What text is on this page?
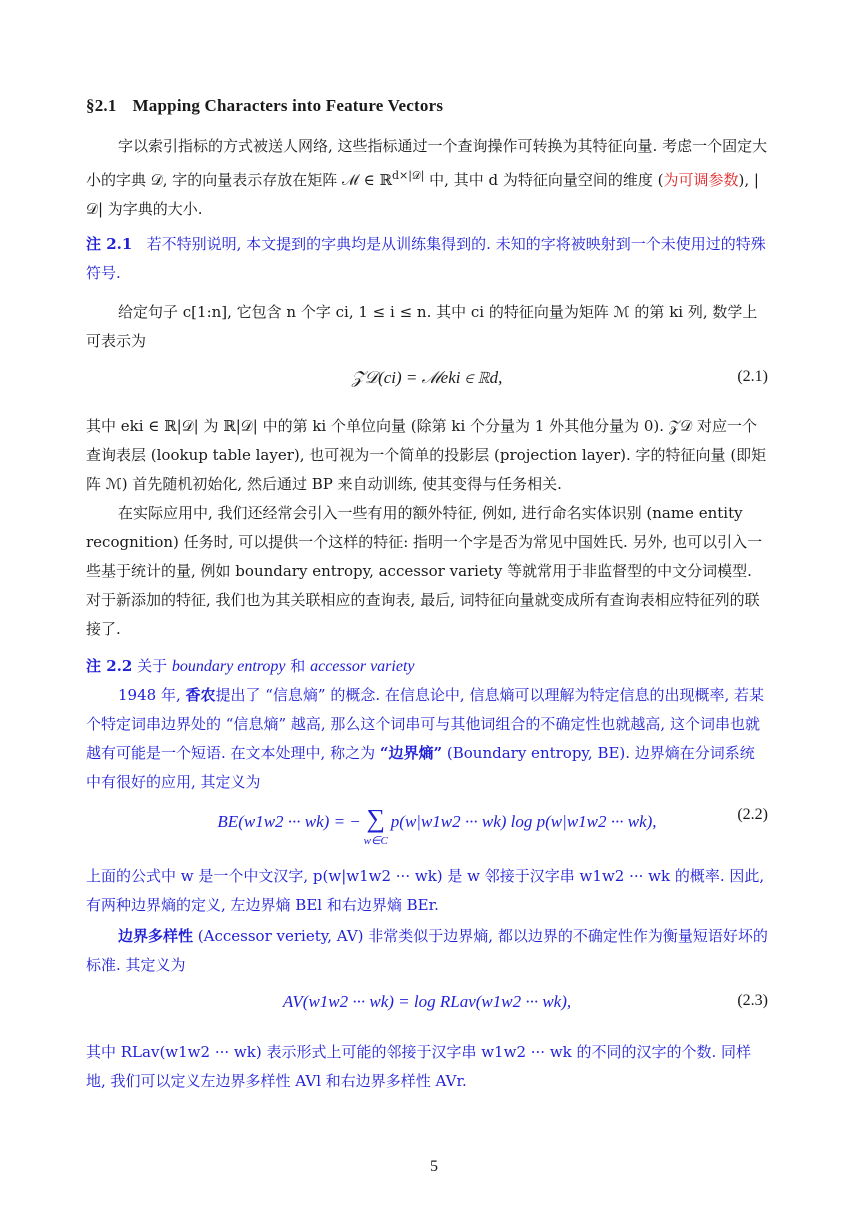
§2.1 Mapping Characters into Feature Vectors
字以索引指标的方式被送人网络, 这些指标通过一个查询操作可转换为其特征向量. 考虑一个固定大小的字典 𝒟, 字的向量表示存放在矩阵 ℳ ∈ ℝ$^{d\times|𝒟|}$ 中, 其中 d 为特征向量空间的维度 (为可调参数), |𝒟| 为字典的大小.
注 2.1 若不特别说明, 本文提到的字典均是从训练集得到的. 未知的字将被映射到一个未使用过的特殊符号.
给定句子 c[1:n], 它包含 n 个字 ci, 1 ≤ i ≤ n. 其中 ci 的特征向量为矩阵 ℳ 的第 ki 列, 数学上可表示为
𝒵𝒟(ci) = ℳeki ∈ ℝd,	(2.1)
其中 eki ∈ ℝ|𝒟| 为 ℝ|𝒟| 中的第 ki 个单位向量 (除第 ki 个分量为 1 外其他分量为 0). 𝒵𝒟 对应一个查询表层 (lookup table layer), 也可视为一个简单的投影层 (projection layer). 字的特征向量 (即矩阵 ℳ) 首先随机初始化, 然后通过 BP 来自动训练, 使其变得与任务相关.
在实际应用中, 我们还经常会引入一些有用的额外特征, 例如, 进行命名实体识别 (name entity recognition) 任务时, 可以提供一个这样的特征: 指明一个字是否为常见中国姓氏. 另外, 也可以引入一些基于统计的量, 例如 boundary entropy, accessor variety 等就常用于非监督型的中文分词模型. 对于新添加的特征, 我们也为其关联相应的查询表, 最后, 词特征向量就变成所有查询表相应特征列的联接了.
注 2.2 关于 boundary entropy 和 accessor variety
1948 年, 香农提出了 “信息熵” 的概念. 在信息论中, 信息熵可以理解为特定信息的出现概率, 若某个特定词串边界处的 “信息熵” 越高, 那么这个词串可与其他词组合的不确定性也就越高, 这个词串也就越有可能是一个短语. 在文本处理中, 称之为 “边界熵” (Boundary entropy, BE). 边界熵在分词系统中有很好的应用, 其定义为
BE(w1w2 ··· wk) = − ∑
w∈C
p(w|w1w2 ··· wk) log p(w|w1w2 ··· wk),	(2.2)
上面的公式中 w 是一个中文汉字, p(w|w1w2 ··· wk) 是 w 邻接于汉字串 w1w2 ··· wk 的概率. 因此, 有两种边界熵的定义, 左边界熵 BEl 和右边界熵 BEr.
边界多样性 (Accessor veriety, AV) 非常类似于边界熵, 都以边界的不确定性作为衡量短语好坏的标准. 其定义为
AV(w1w2 ··· wk) = log RLav(w1w2 ··· wk),	(2.3)
其中 RLav(w1w2 ··· wk) 表示形式上可能的邻接于汉字串 w1w2 ··· wk 的不同的汉字的个数. 同样地, 我们可以定义左边界多样性 AVl 和右边界多样性 AVr.
5
